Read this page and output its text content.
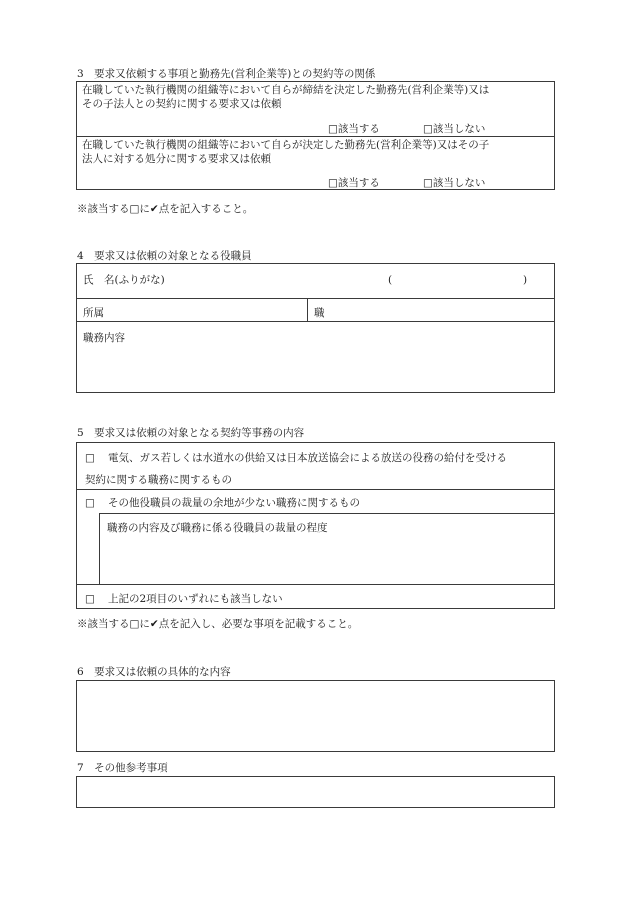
3　要求又依頼する事項と勤務先(営利企業等)との契約等の関係
在職していた執行機関の組織等において自らが締結を決定した勤務先(営利企業等)又は
その子法人との契約に関する要求又は依頼
□該当する	□該当しない
在職していた執行機関の組織等において自らが決定した勤務先(営利企業等)又はその子
法人に対する処分に関する要求又は依頼
□該当する	□該当しない
※該当する□に✔点を記入すること。
4　要求又は依頼の対象となる役職員
氏　名(ふりがな)	(	)
所属	職
職務内容
5　要求又は依頼の対象となる契約等事務の内容
□ 電気、ガス若しくは水道水の供給又は日本放送協会による放送の役務の給付を受ける
契約に関する職務に関するもの
□ その他役職員の裁量の余地が少ない職務に関するもの
職務の内容及び職務に係る役職員の裁量の程度
□ 上記の2項目のいずれにも該当しない
※該当する□に✔点を記入し、必要な事項を記載すること。
6　要求又は依頼の具体的な内容
7　その他参考事項
